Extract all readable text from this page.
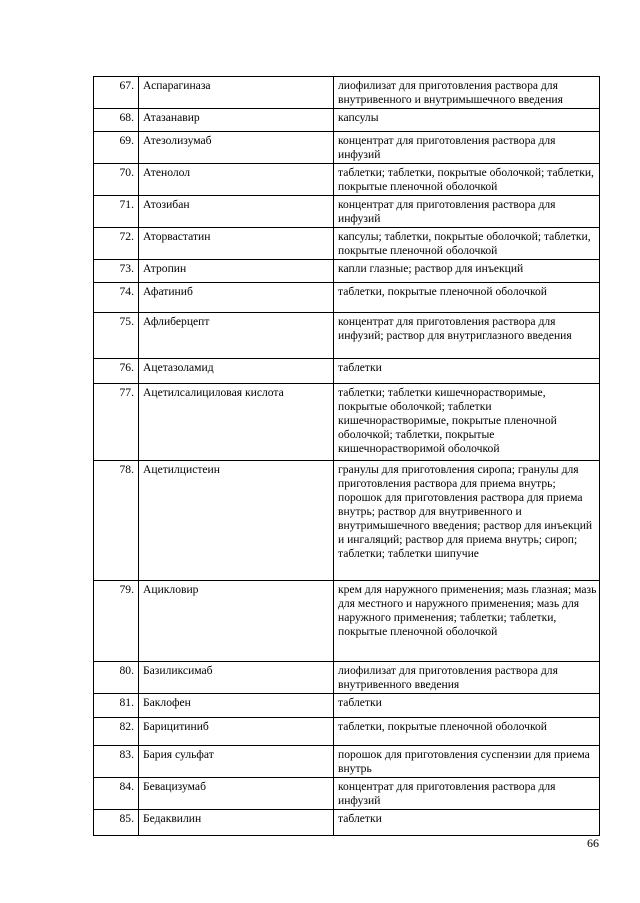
67.	Аспарагиназа	лиофилизат для приготовления раствора для внутривенного и внутримышечного введения
68.	Атазанавир	капсулы
69.	Атезолизумаб	концентрат для приготовления раствора для инфузий
70.	Атенолол	таблетки; таблетки, покрытые оболочкой; таблетки, покрытые пленочной оболочкой
71.	Атозибан	концентрат для приготовления раствора для инфузий
72.	Аторвастатин	капсулы; таблетки, покрытые оболочкой; таблетки, покрытые пленочной оболочкой
73.	Атропин	капли глазные; раствор для инъекций
74.	Афатиниб	таблетки, покрытые пленочной оболочкой
75.	Афлиберцепт	концентрат для приготовления раствора для инфузий; раствор для внутриглазного введения
76.	Ацетазоламид	таблетки
77.	Ацетилсалициловая кислота	таблетки; таблетки кишечнорастворимые, покрытые оболочкой; таблетки кишечнорастворимые, покрытые пленочной оболочкой; таблетки, покрытые кишечнорастворимой оболочкой
78.	Ацетилцистеин	гранулы для приготовления сиропа; гранулы для приготовления раствора для приема внутрь; порошок для приготовления раствора для приема внутрь; раствор для внутривенного и внутримышечного введения; раствор для инъекций и ингаляций; раствор для приема внутрь; сироп; таблетки; таблетки шипучие
79.	Ацикловир	крем для наружного применения; мазь глазная; мазь для местного и наружного применения; мазь для наружного применения; таблетки; таблетки, покрытые пленочной оболочкой
80.	Базиликсимаб	лиофилизат для приготовления раствора для внутривенного введения
81.	Баклофен	таблетки
82.	Барицитиниб	таблетки, покрытые пленочной оболочкой
83.	Бария сульфат	порошок для приготовления суспензии для приема внутрь
84.	Бевацизумаб	концентрат для приготовления раствора для инфузий
85.	Бедаквилин	таблетки
66
